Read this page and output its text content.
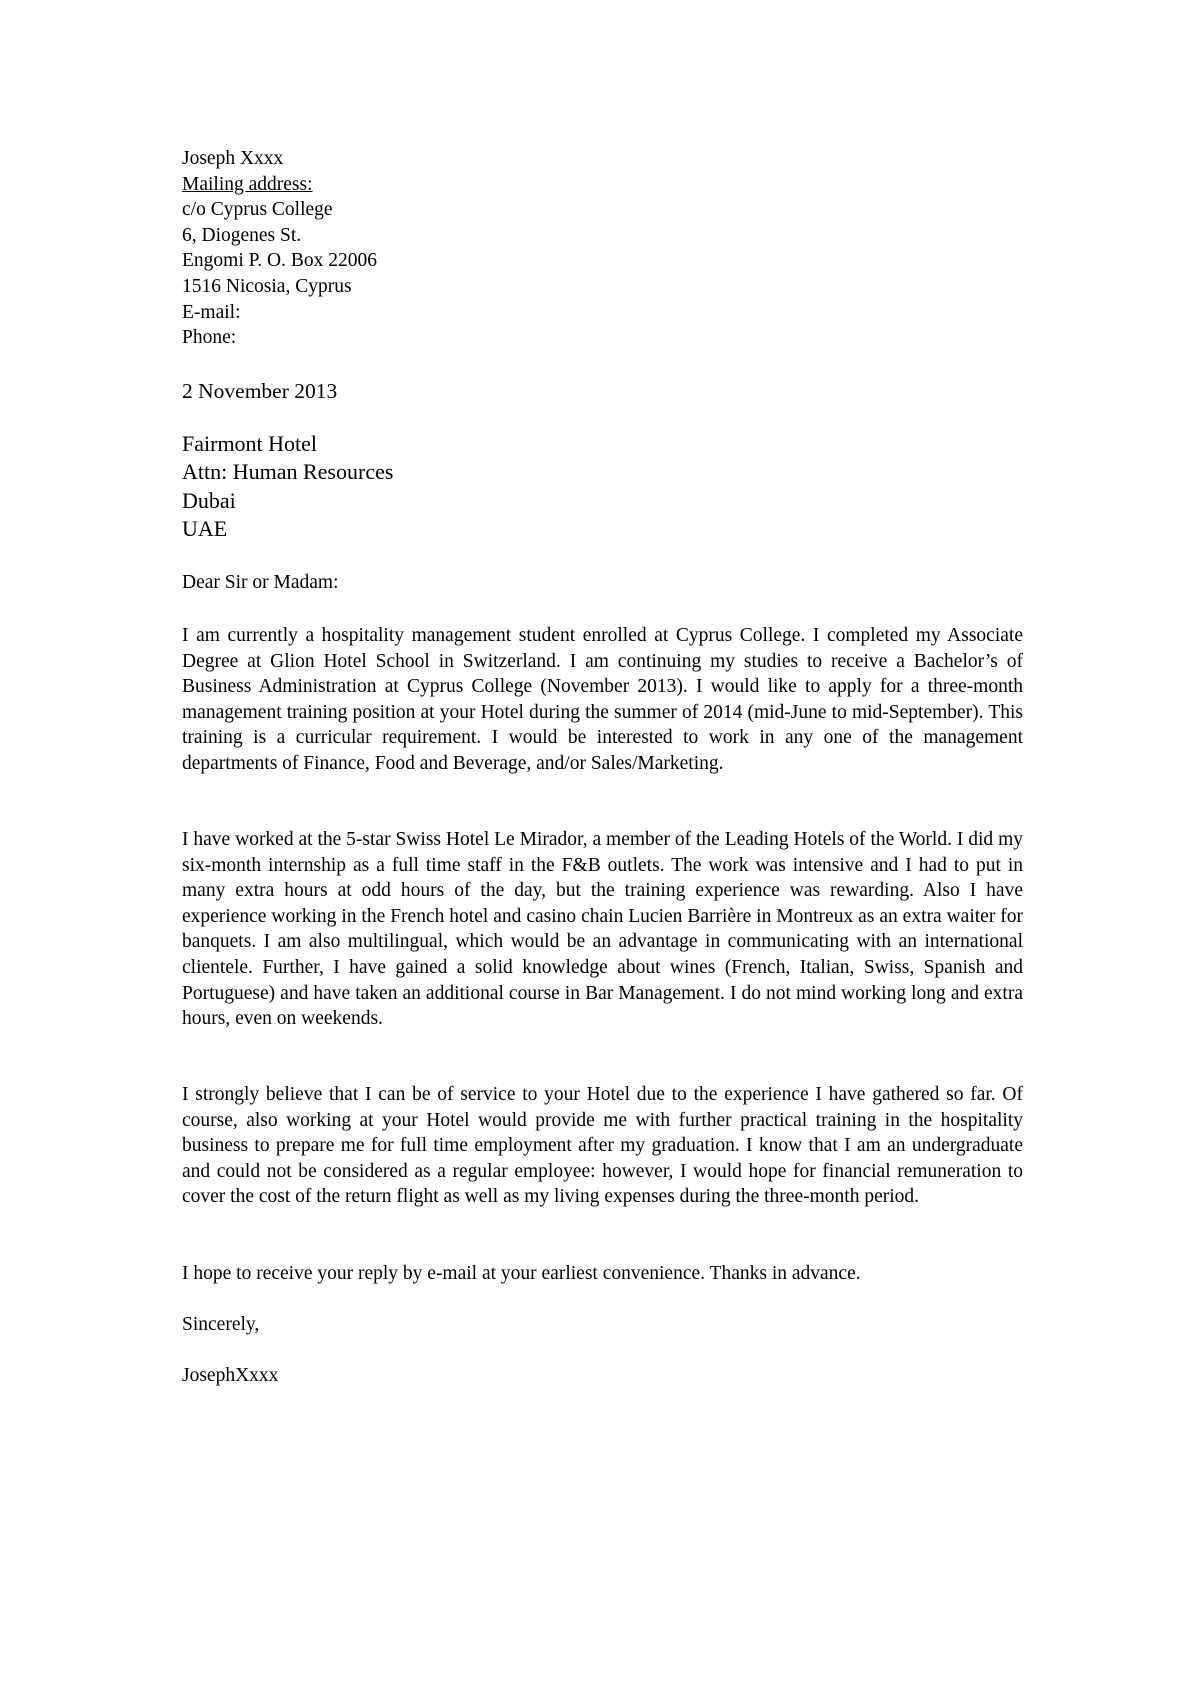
Joseph Xxxx
Mailing address:
c/o Cyprus College
6, Diogenes St.
Engomi P. O. Box 22006
1516 Nicosia, Cyprus
E-mail:
Phone:
2 November 2013
Fairmont Hotel
Attn: Human Resources
Dubai
UAE
Dear Sir or Madam:

I am currently a hospitality management student enrolled at Cyprus College. I completed my Associate Degree at Glion Hotel School in Switzerland. I am continuing my studies to receive a Bachelor’s of Business Administration at Cyprus College (November 2013). I would like to apply for a three-month management training position at your Hotel during the summer of 2014 (mid-June to mid-September). This training is a curricular requirement. I would be interested to work in any one of the management departments of Finance, Food and Beverage, and/or Sales/Marketing.

I have worked at the 5-star Swiss Hotel Le Mirador, a member of the Leading Hotels of the World. I did my six-month internship as a full time staff in the F&B outlets. The work was intensive and I had to put in many extra hours at odd hours of the day, but the training experience was rewarding. Also I have experience working in the French hotel and casino chain Lucien Barrière in Montreux as an extra waiter for banquets. I am also multilingual, which would be an advantage in communicating with an international clientele. Further, I have gained a solid knowledge about wines (French, Italian, Swiss, Spanish and Portuguese) and have taken an additional course in Bar Management. I do not mind working long and extra hours, even on weekends.

I strongly believe that I can be of service to your Hotel due to the experience I have gathered so far. Of course, also working at your Hotel would provide me with further practical training in the hospitality business to prepare me for full time employment after my graduation. I know that I am an undergraduate and could not be considered as a regular employee: however, I would hope for financial remuneration to cover the cost of the return flight as well as my living expenses during the three-month period.

I hope to receive your reply by e-mail at your earliest convenience. Thanks in advance.
Sincerely,
JosephXxxx
